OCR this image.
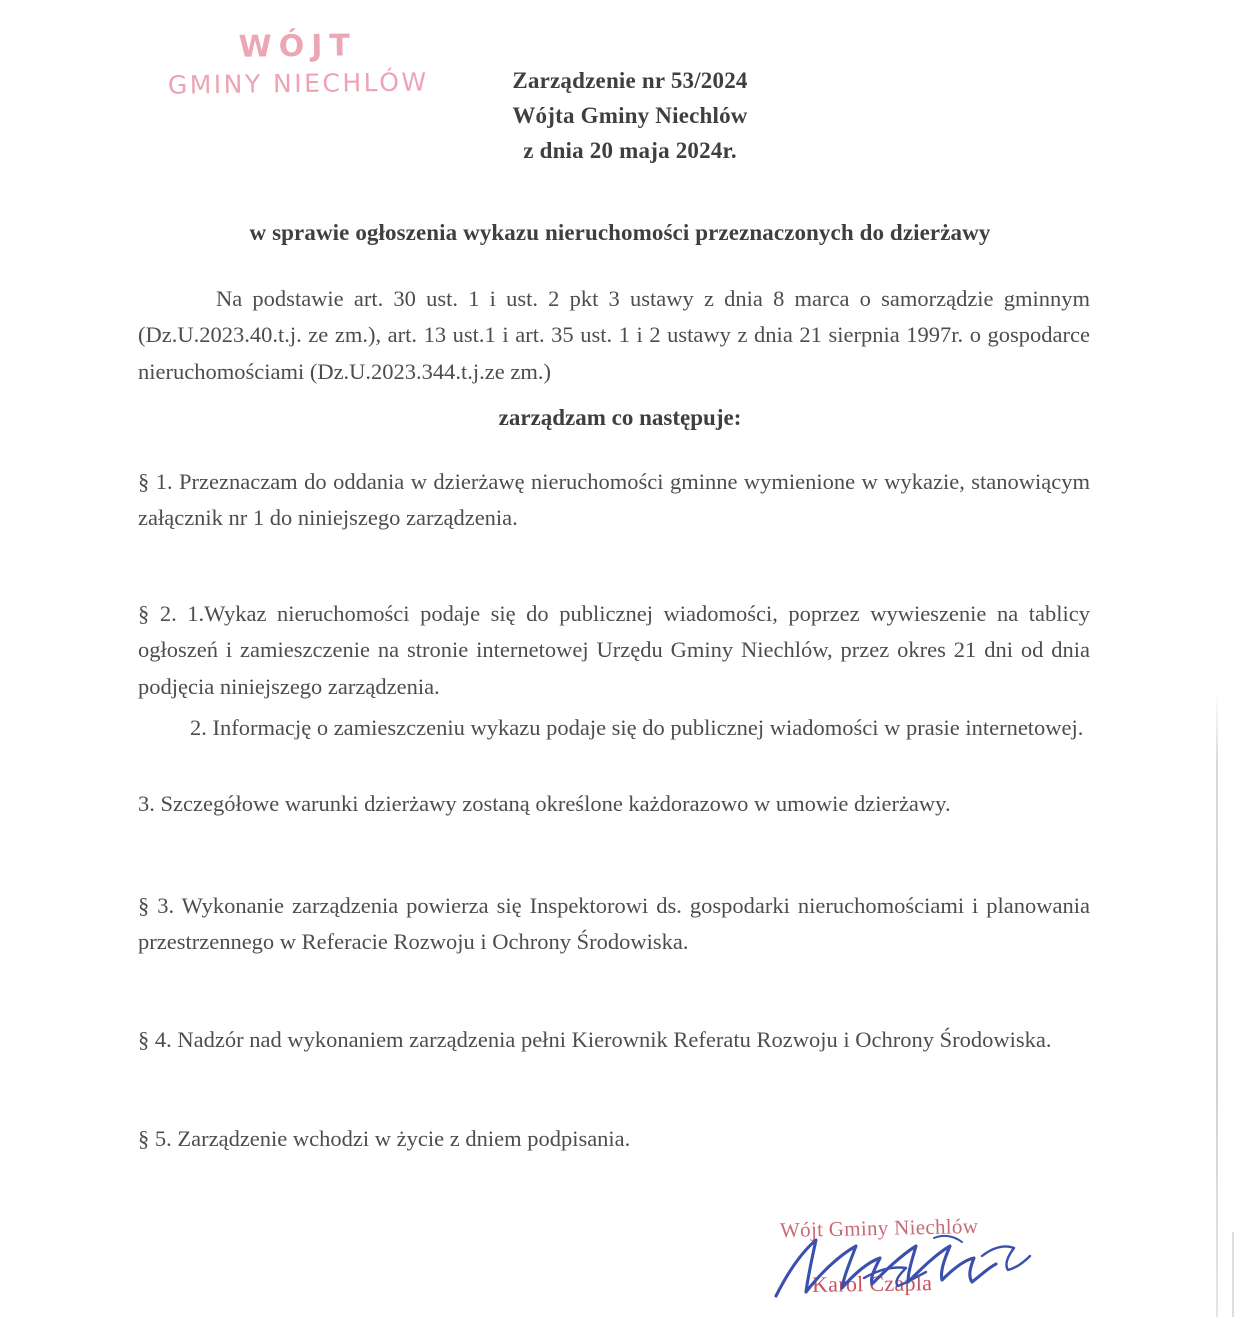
WÓJT
GMINY NIECHLÓW	Zarządzenie nr 53/2024
Wójta Gminy Niechlów
z dnia 20 maja 2024r.
w sprawie ogłoszenia wykazu nieruchomości przeznaczonych do dzierżawy
Na podstawie art. 30 ust. 1 i ust. 2 pkt 3 ustawy z dnia 8 marca o samorządzie gminnym (Dz.U.2023.40.t.j. ze zm.), art. 13 ust.1 i art. 35 ust. 1 i 2 ustawy z dnia 21 sierpnia 1997r. o gospodarce nieruchomościami (Dz.U.2023.344.t.j.ze zm.)
zarządzam co następuje:
§ 1. Przeznaczam do oddania w dzierżawę nieruchomości gminne wymienione w wykazie, stanowiącym załącznik nr 1 do niniejszego zarządzenia.
§ 2. 1.Wykaz nieruchomości podaje się do publicznej wiadomości, poprzez wywieszenie na tablicy ogłoszeń i zamieszczenie na stronie internetowej Urzędu Gminy Niechlów, przez okres 21 dni od dnia podjęcia niniejszego zarządzenia.
2. Informację o zamieszczeniu wykazu podaje się do publicznej wiadomości w prasie internetowej.
3. Szczegółowe warunki dzierżawy zostaną określone każdorazowo w umowie dzierżawy.
§ 3. Wykonanie zarządzenia powierza się Inspektorowi ds. gospodarki nieruchomościami i planowania przestrzennego w Referacie Rozwoju i Ochrony Środowiska.
§ 4. Nadzór nad wykonaniem zarządzenia pełni Kierownik Referatu Rozwoju i Ochrony Środowiska.
§ 5. Zarządzenie wchodzi w życie z dniem podpisania.
Wójt Gminy Niechlów
Karol Czapla
